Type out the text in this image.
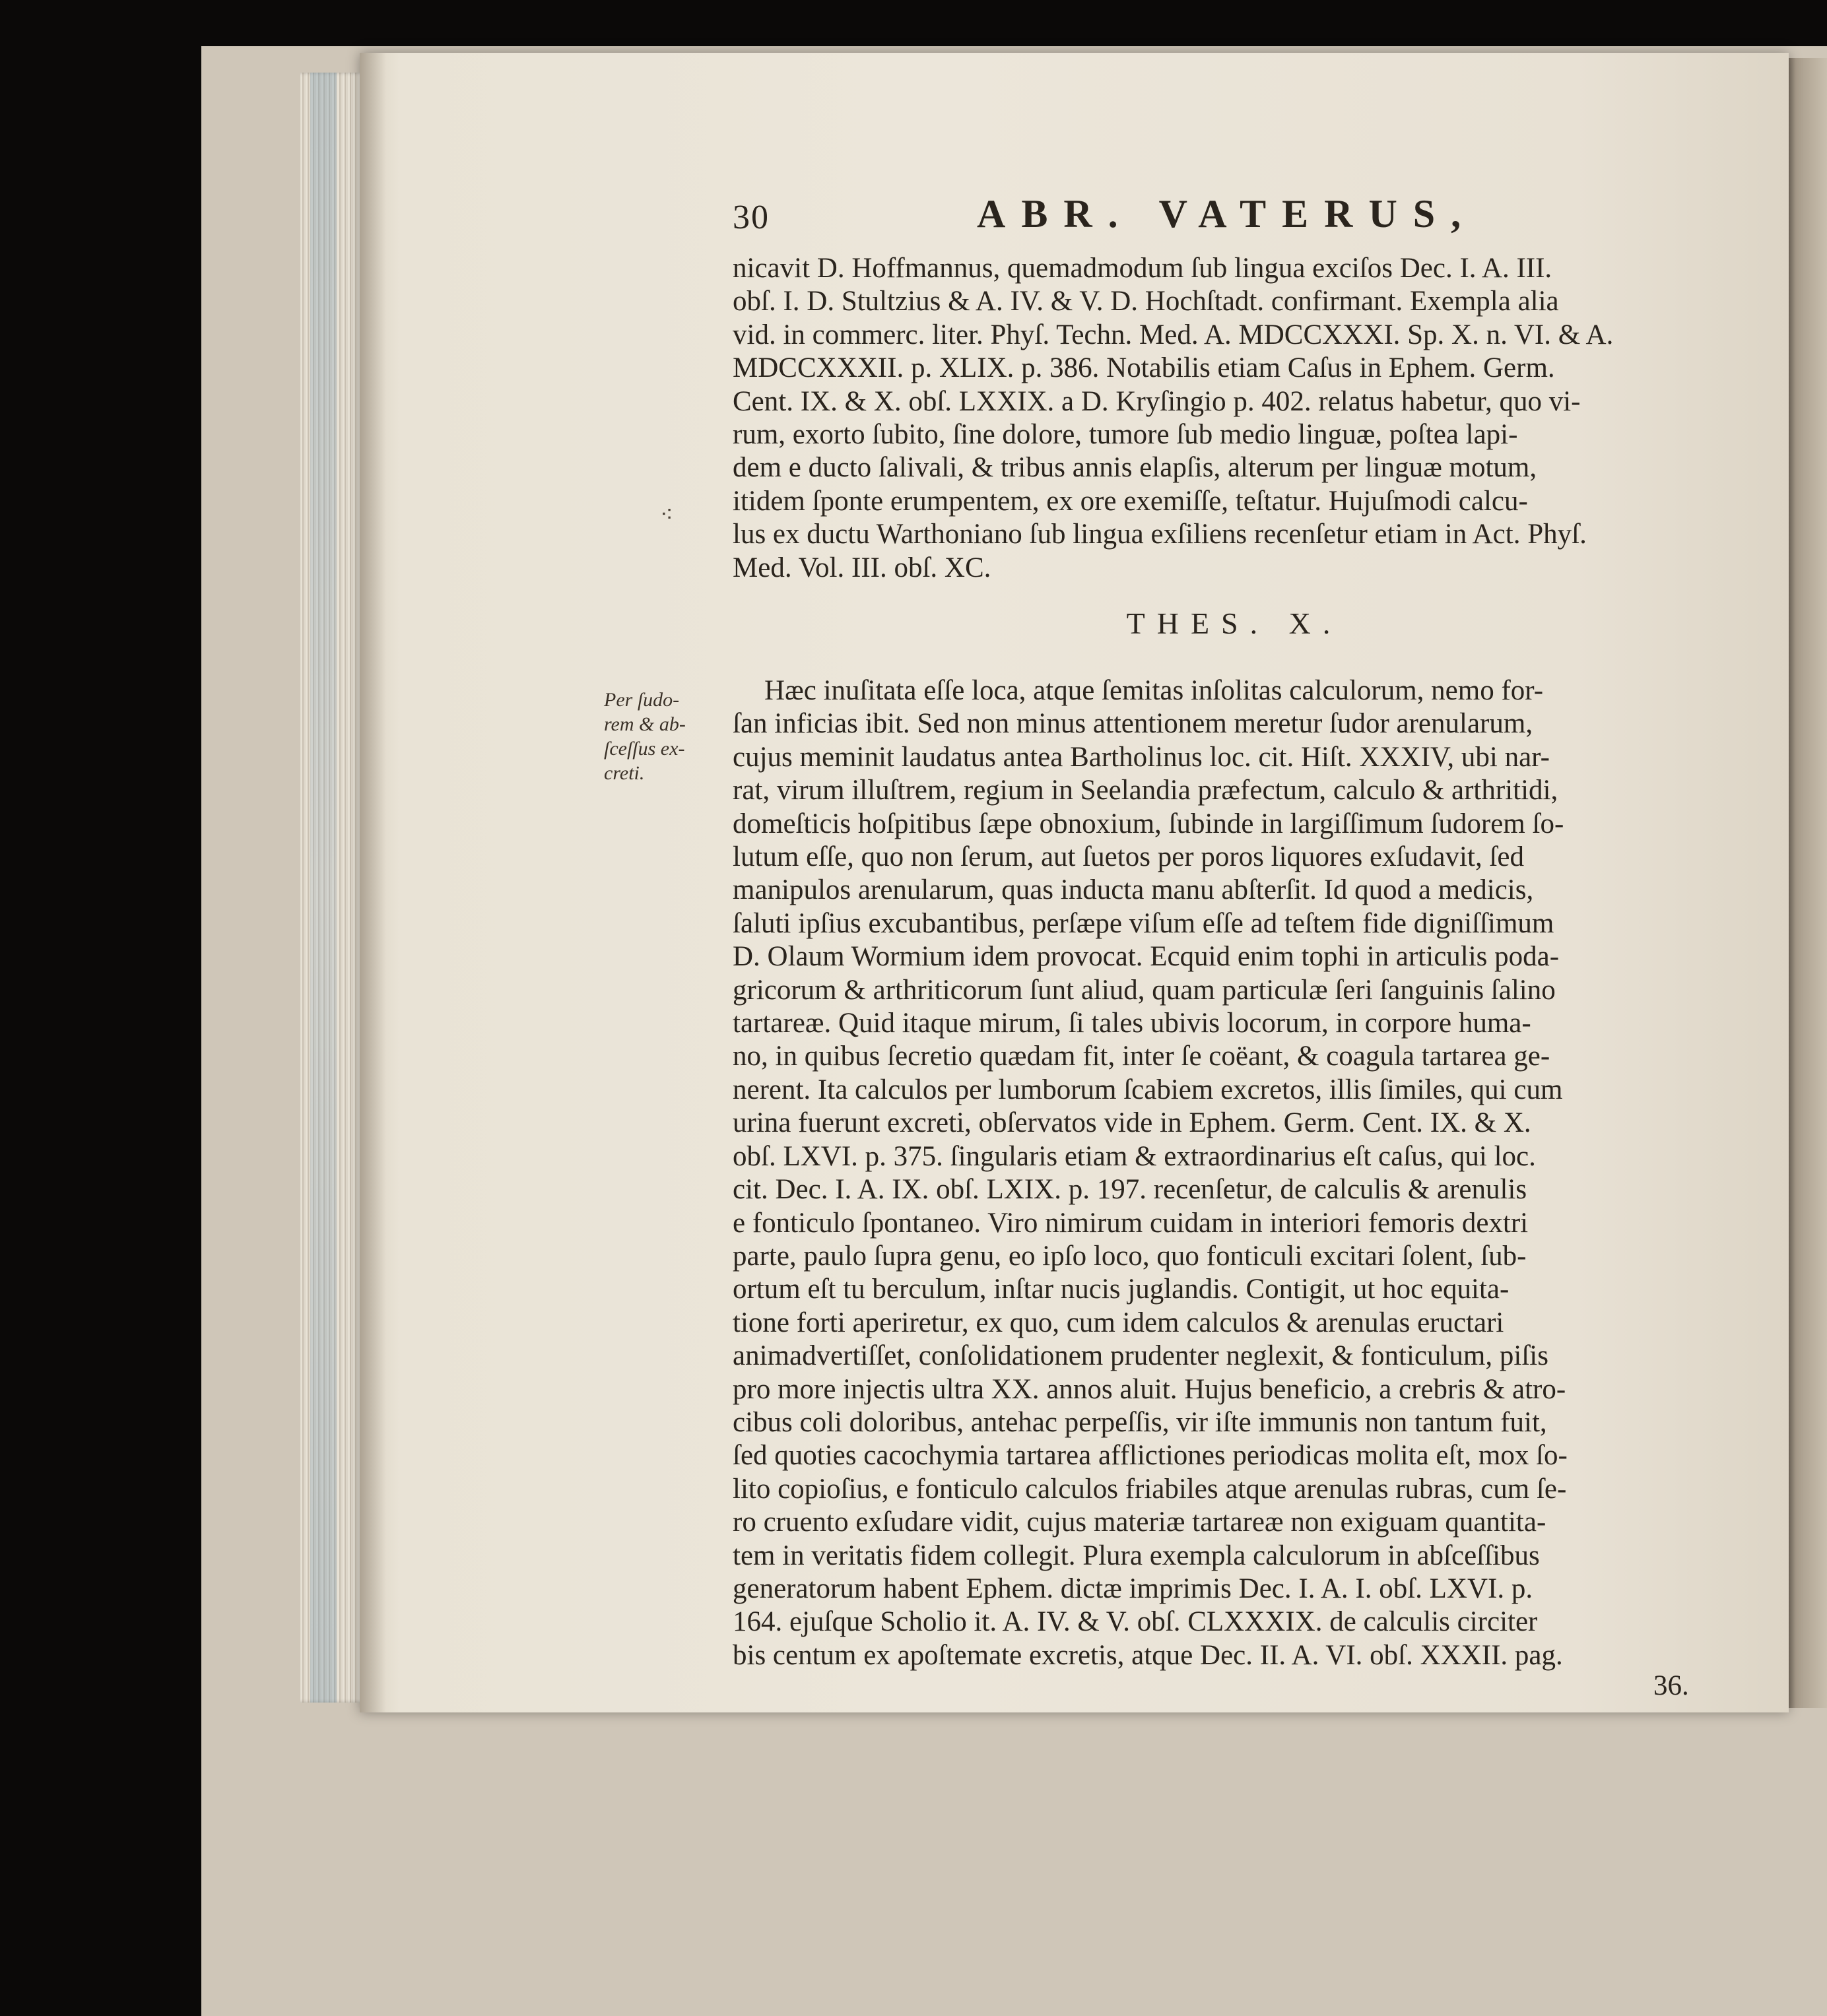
30	ABR. VATERUS,
nicavit D. Hoffmannus, quemadmodum ſub lingua exciſos Dec. I. A. III.
obſ. I. D. Stultzius & A. IV. & V. D. Hochſtadt. confirmant. Exempla alia
vid. in commerc. liter. Phyſ. Techn. Med. A. MDCCXXXI. Sp. X. n. VI. & A.
MDCCXXXII. p. XLIX. p. 386. Notabilis etiam Caſus in Ephem. Germ.
Cent. IX. & X. obſ. LXXIX. a D. Kryſingio p. 402. relatus habetur, quo vi-
rum, exorto ſubito, ſine dolore, tumore ſub medio linguæ, poſtea lapi-
dem e ducto ſalivali, & tribus annis elapſis, alterum per linguæ motum,
itidem ſponte erumpentem, ex ore exemiſſe, teſtatur. Hujuſmodi calcu-
lus ex ductu Warthoniano ſub lingua exſiliens recenſetur etiam in Act. Phyſ.
Med. Vol. III. obſ. XC.
⁖
THES. X.
Per ſudo-
rem & ab-
ſceſſus ex-
creti.
Hæc inuſitata eſſe loca, atque ſemitas inſolitas calculorum, nemo for-
ſan inficias ibit. Sed non minus attentionem meretur ſudor arenularum,
cujus meminit laudatus antea Bartholinus loc. cit. Hiſt. XXXIV, ubi nar-
rat, virum illuſtrem, regium in Seelandia præfectum, calculo & arthritidi,
domeſticis hoſpitibus ſæpe obnoxium, ſubinde in largiſſimum ſudorem ſo-
lutum eſſe, quo non ſerum, aut ſuetos per poros liquores exſudavit, ſed
manipulos arenularum, quas inducta manu abſterſit. Id quod a medicis,
ſaluti ipſius excubantibus, perſæpe viſum eſſe ad teſtem fide digniſſimum
D. Olaum Wormium idem provocat. Ecquid enim tophi in articulis poda-
gricorum & arthriticorum ſunt aliud, quam particulæ ſeri ſanguinis ſalino
tartareæ. Quid itaque mirum, ſi tales ubivis locorum, in corpore huma-
no, in quibus ſecretio quædam fit, inter ſe coëant, & coagula tartarea ge-
nerent. Ita calculos per lumborum ſcabiem excretos, illis ſimiles, qui cum
urina fuerunt excreti, obſervatos vide in Ephem. Germ. Cent. IX. & X.
obſ. LXVI. p. 375. ſingularis etiam & extraordinarius eſt caſus, qui loc.
cit. Dec. I. A. IX. obſ. LXIX. p. 197. recenſetur, de calculis & arenulis
e fonticulo ſpontaneo. Viro nimirum cuidam in interiori femoris dextri
parte, paulo ſupra genu, eo ipſo loco, quo fonticuli excitari ſolent, ſub-
ortum eſt tu berculum, inſtar nucis juglandis. Contigit, ut hoc equita-
tione forti aperiretur, ex quo, cum idem calculos & arenulas eructari
animadvertiſſet, conſolidationem prudenter neglexit, & fonticulum, piſis
pro more injectis ultra XX. annos aluit. Hujus beneficio, a crebris & atro-
cibus coli doloribus, antehac perpeſſis, vir iſte immunis non tantum fuit,
ſed quoties cacochymia tartarea afflictiones periodicas molita eſt, mox ſo-
lito copioſius, e fonticulo calculos friabiles atque arenulas rubras, cum ſe-
ro cruento exſudare vidit, cujus materiæ tartareæ non exiguam quantita-
tem in veritatis fidem collegit. Plura exempla calculorum in abſceſſibus
generatorum habent Ephem. dictæ imprimis Dec. I. A. I. obſ. LXVI. p.
164. ejuſque Scholio it. A. IV. & V. obſ. CLXXXIX. de calculis circiter
bis centum ex apoſtemate excretis, atque Dec. II. A. VI. obſ. XXXII. pag.
36.
